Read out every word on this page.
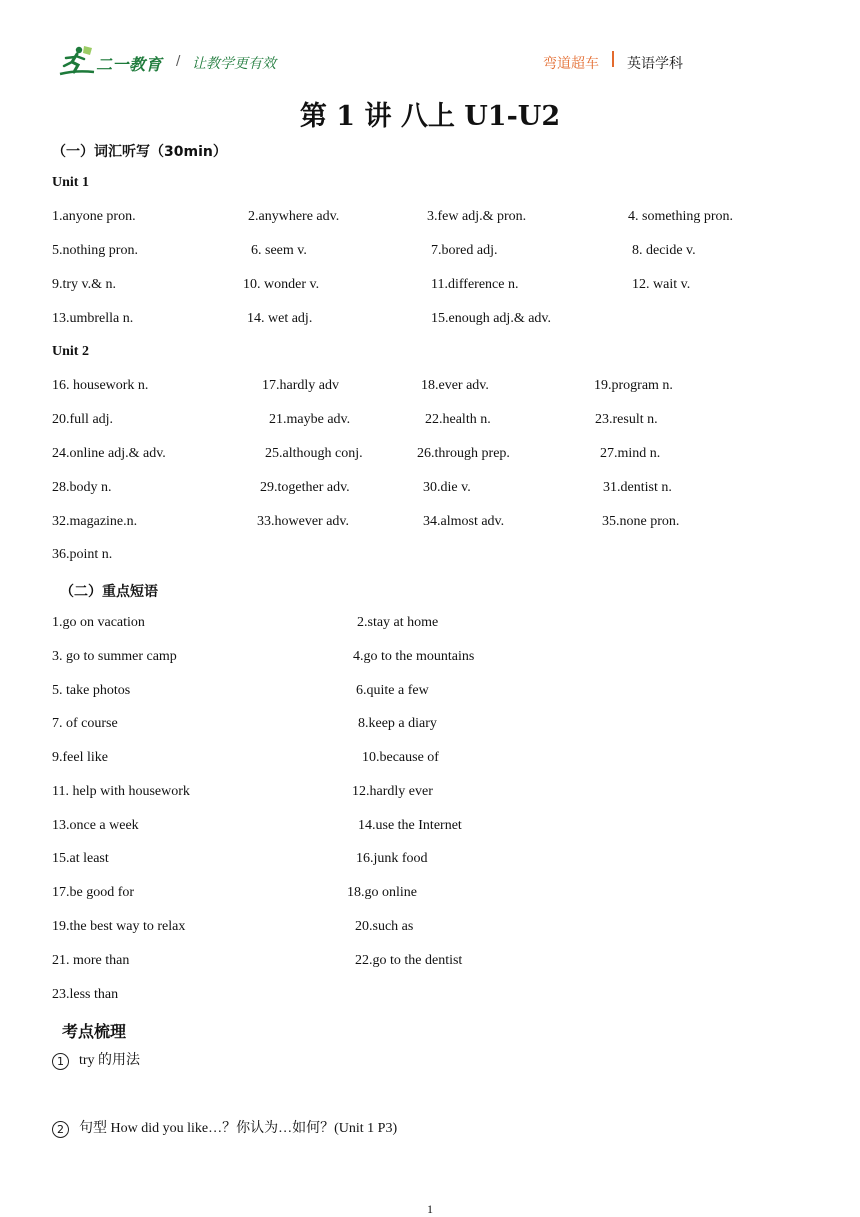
二一教育 / 让教学更有效	弯道超车 英语学科
第 1 讲 八上 U1-U2
（一）词汇听写（30min）
Unit 1
1.anyone pron.	2.anywhere adv.	3.few adj.& pron.	4. something pron.
5.nothing pron.	6. seem v.	7.bored adj.	8. decide v.
9.try v.& n.	10. wonder v.	11.difference n.	12. wait v.
13.umbrella n.	14. wet adj.	15.enough adj.& adv.
Unit 2
16. housework n.	17.hardly adv	18.ever adv.	19.program n.
20.full adj.	21.maybe adv.	22.health n.	23.result n.
24.online adj.& adv.	25.although conj.	26.through prep.	27.mind n.
28.body n.	29.together adv.	30.die v.	31.dentist n.
32.magazine.n.	33.however adv.	34.almost adv.	35.none pron.
36.point n.
（二）重点短语
1.go on vacation	2.stay at home
3. go to summer camp	4.go to the mountains
5. take photos	6.quite a few
7. of course	8.keep a diary
9.feel like	10.because of
11. help with housework	12.hardly ever
13.once a week	14.use the Internet
15.at least	16.junk food
17.be good for	18.go online
19.the best way to relax	20.such as
21. more than	22.go to the dentist
23.less than
考点梳理
1 try 的用法
2 句型 How did you like…？你认为…如何？(Unit 1 P3)
1
